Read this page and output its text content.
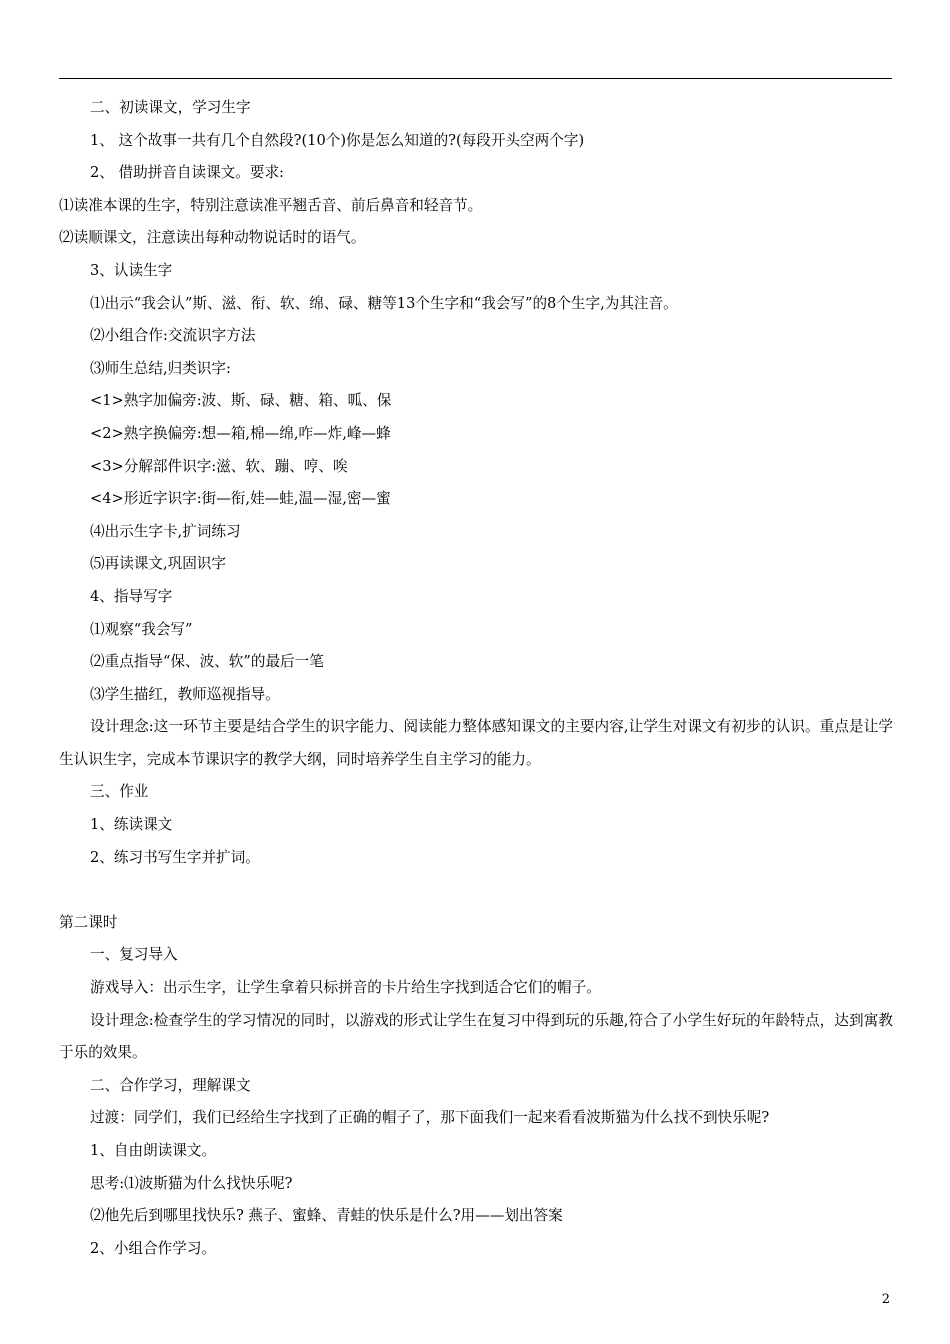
二、初读课文，学习生字
1、 这个故事一共有几个自然段?(10个)你是怎么知道的?(每段开头空两个字)
2、 借助拼音自读课文。要求:
⑴读准本课的生字，特别注意读准平翘舌音、前后鼻音和轻音节。
⑵读顺课文，注意读出每种动物说话时的语气。
3、认读生字
⑴出示“我会认”斯、滋、衔、软、绵、碌、糖等13个生字和“我会写”的8个生字,为其注音。
⑵小组合作:交流识字方法
⑶师生总结,归类识字:
<1>熟字加偏旁:波、斯、碌、糖、箱、呱、保
<2>熟字换偏旁:想—箱,棉—绵,咋—炸,峰—蜂
<3>分解部件识字:滋、软、蹦、哼、唉
<4>形近字识字:街—衔,娃—蛙,温—湿,密—蜜
⑷出示生字卡,扩词练习
⑸再读课文,巩固识字
4、指导写字
⑴观察“我会写”
⑵重点指导“保、波、软”的最后一笔
⑶学生描红，教师巡视指导。
设计理念:这一环节主要是结合学生的识字能力、阅读能力整体感知课文的主要内容,让学生对课文有初步的认识。重点是让学生认识生字，完成本节课识字的教学大纲，同时培养学生自主学习的能力。
三、作业
1、练读课文
2、练习书写生字并扩词。
第二课时
一、复习导入
游戏导入：出示生字，让学生拿着只标拼音的卡片给生字找到适合它们的帽子。
设计理念:检查学生的学习情况的同时，以游戏的形式让学生在复习中得到玩的乐趣,符合了小学生好玩的年龄特点，达到寓教于乐的效果。
二、合作学习，理解课文
过渡：同学们，我们已经给生字找到了正确的帽子了，那下面我们一起来看看波斯猫为什么找不到快乐呢?
1、自由朗读课文。
思考:⑴波斯猫为什么找快乐呢?
⑵他先后到哪里找快乐? 燕子、蜜蜂、青蛙的快乐是什么?用——划出答案
2、小组合作学习。
2
